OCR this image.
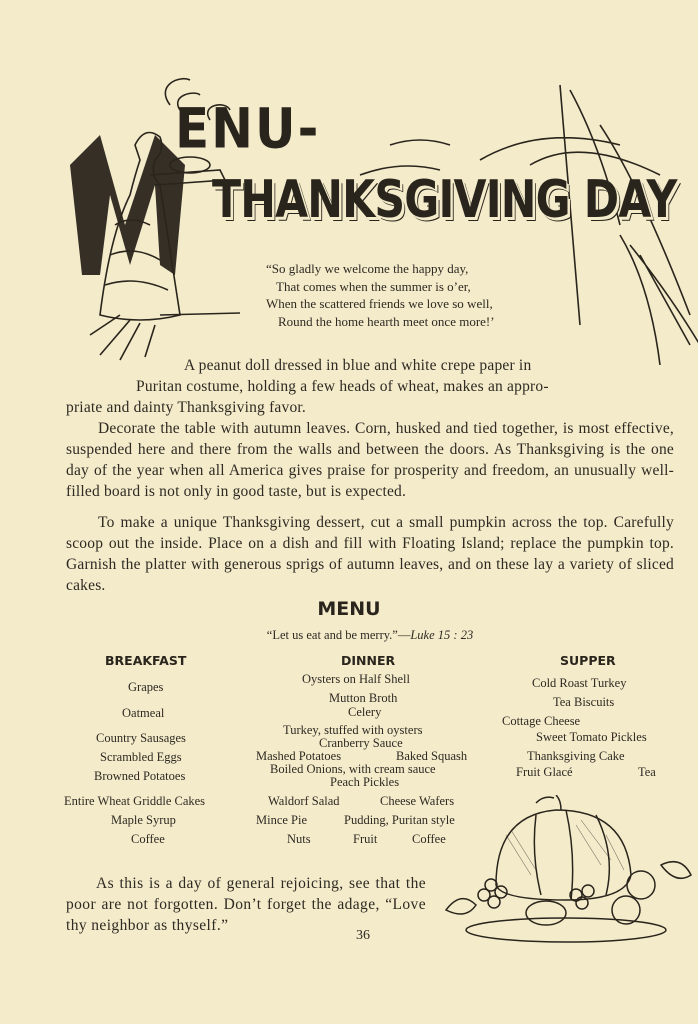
ENU-
THANKSGIVING DAY
“So gladly we welcome the happy day,
That comes when the summer is o’er,
When the scattered friends we love so well,
Round the home hearth meet once more!’
A peanut doll dressed in blue and white crepe paper in
Puritan costume, holding a few heads of wheat, makes an appro-
priate and dainty Thanksgiving favor.
Decorate the table with autumn leaves. Corn, husked and tied together, is most effective, suspended here and there from the walls and between the doors. As Thanksgiving is the one day of the year when all America gives praise for prosperity and freedom, an unusually well-filled board is not only in good taste, but is expected.
To make a unique Thanksgiving dessert, cut a small pumpkin across the top. Carefully scoop out the inside. Place on a dish and fill with Floating Island; replace the pumpkin top. Garnish the platter with generous sprigs of autumn leaves, and on these lay a variety of sliced cakes.
MENU
“Let us eat and be merry.”—Luke 15 : 23
BREAKFAST
Grapes
Oatmeal
Country Sausages
Scrambled Eggs
Browned Potatoes
Entire Wheat Griddle Cakes
Maple Syrup
Coffee
DINNER
Oysters on Half Shell
Mutton Broth
Celery
Turkey, stuffed with oysters
Cranberry Sauce
Mashed Potatoes	Baked Squash
Boiled Onions, with cream sauce
Peach Pickles
Waldorf Salad	Cheese Wafers
Mince Pie	Pudding, Puritan style
Nuts	Fruit	Coffee
SUPPER
Cold Roast Turkey
Tea Biscuits
Cottage Cheese
Sweet Tomato Pickles
Thanksgiving Cake
Fruit Glacé	Tea
As this is a day of general rejoicing, see that the poor are not forgotten. Don’t forget the adage, “Love thy neighbor as thyself.”
36
